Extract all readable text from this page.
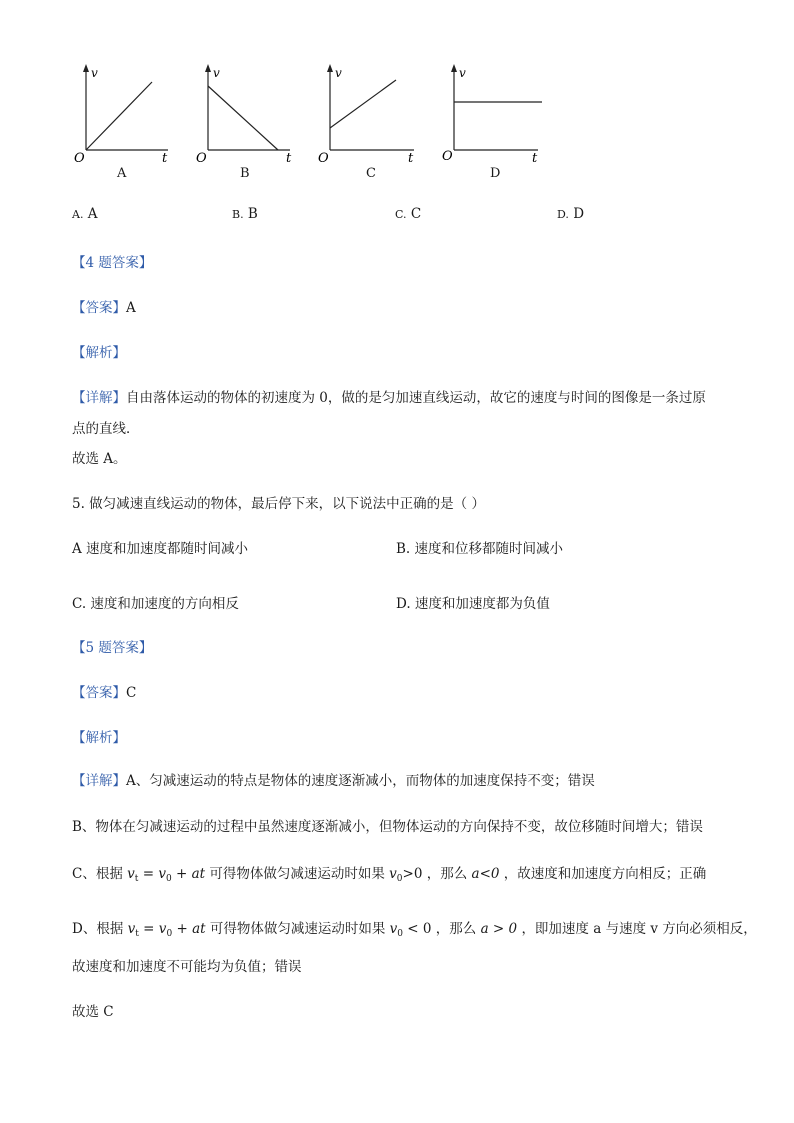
v
O	t
A
v
O	t
B
v
O	t
C
v
O	t
D
A. A	B. B	C. C	D. D
【4 题答案】
【答案】A
【解析】
【详解】自由落体运动的物体的初速度为 0，做的是匀加速直线运动，故它的速度与时间的图像是一条过原
点的直线．
故选 A。
5. 做匀减速直线运动的物体，最后停下来，以下说法中正确的是（ ）
A 速度和加速度都随时间减小	B. 速度和位移都随时间减小
C. 速度和加速度的方向相反	D. 速度和加速度都为负值
【5 题答案】
【答案】C
【解析】
【详解】A、匀减速运动的特点是物体的速度逐渐减小，而物体的加速度保持不变；错误
B、物体在匀减速运动的过程中虽然速度逐渐减小，但物体运动的方向保持不变，故位移随时间增大；错误
C、根据 $v_t = v_0$ + at 可得物体做匀减速运动时如果 $v_0>0$ ，那么 a<0 ，故速度和加速度方向相反；正确
D、根据 $v_t = v_0$ + at 可得物体做匀减速运动时如果 $v_0 < 0$ ，那么 a > 0 ，即加速度 a 与速度 v 方向必须相反，
故速度和加速度不可能均为负值；错误
故选 C
